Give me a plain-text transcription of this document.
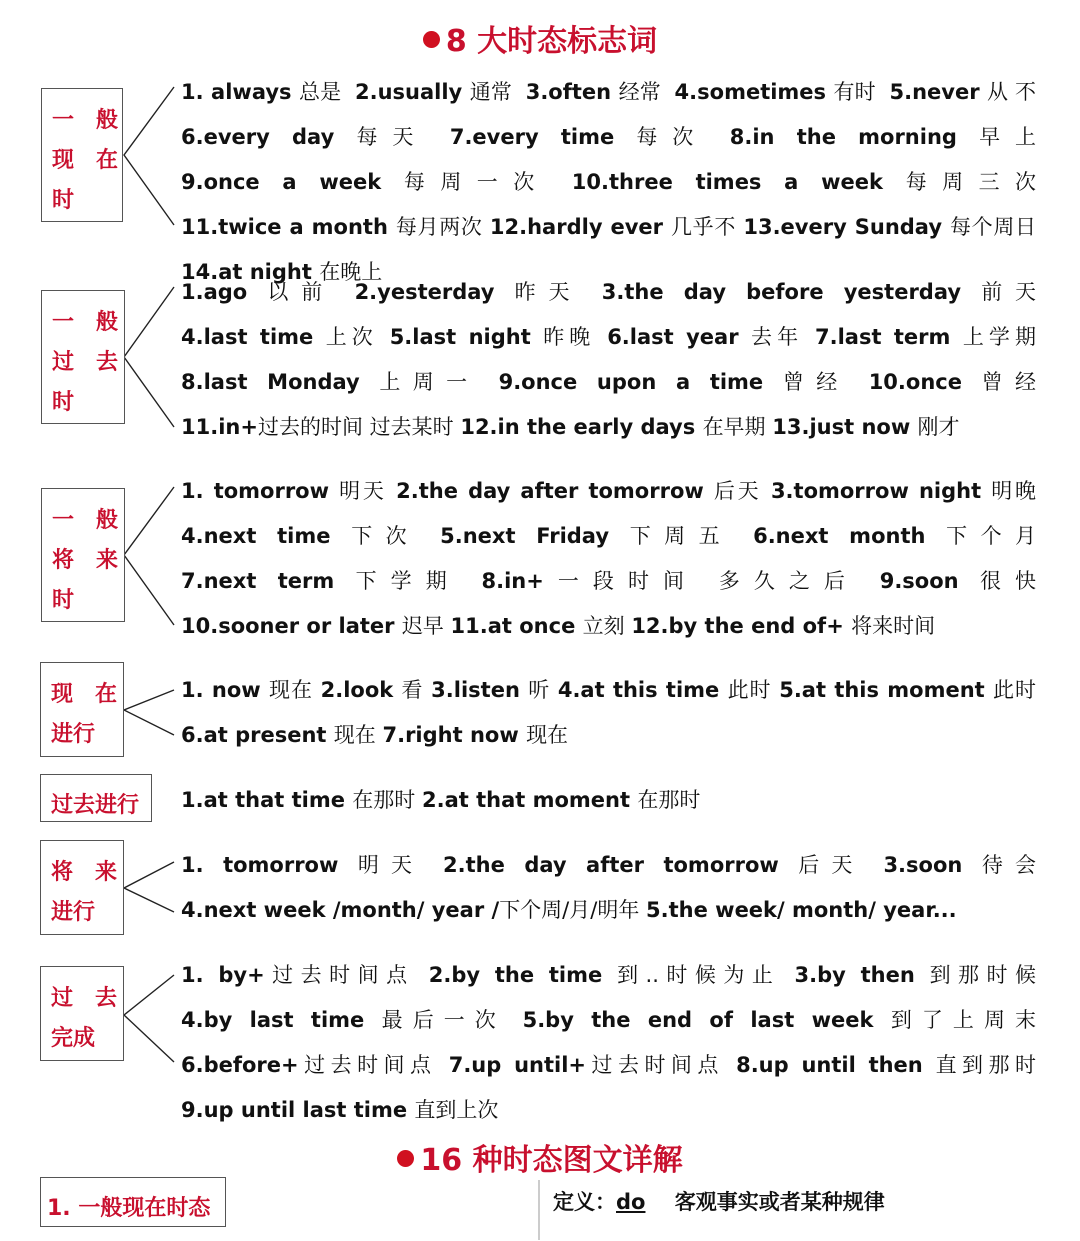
8 大时态标志词
一　般
现　在
时
1. always 总是 2.usually 通常 3.often 经常 4.sometimes 有时 5.never 从 不 6.every day 每天 7.every time 每次 8.in the morning 早上 9.once a week 每周一次 10.three times a week 每周三次 11.twice a month 每月两次 12.hardly ever 几乎不 13.every Sunday 每个周日 14.at night 在晚上
一　般
过　去
时
1.ago 以前 2.yesterday 昨天 3.the day before yesterday 前天 4.last time 上次 5.last night 昨晚 6.last year 去年 7.last term 上学期 8.last Monday 上周一 9.once upon a time 曾经 10.once 曾经 11.in+过去的时间 过去某时 12.in the early days 在早期 13.just now 刚才
一　般
将　来
时
1. tomorrow 明天 2.the day after tomorrow 后天 3.tomorrow night 明晚 4.next time 下次 5.next Friday 下周五 6.next month 下个月 7.next term 下学期 8.in+一段时间 多久之后 9.soon 很快 10.sooner or later 迟早 11.at once 立刻 12.by the end of+ 将来时间
现　在
进行
1. now 现在 2.look 看 3.listen 听 4.at this time 此时 5.at this moment 此时 6.at present 现在 7.right now 现在
过去进行 1.at that time 在那时 2.at that moment 在那时
将　来
进行
1. tomorrow 明天 2.the day after tomorrow 后天 3.soon 待会 4.next week /month/ year /下个周/月/明年 5.the week/ month/ year...
过　去
完成
1. by+过去时间点 2.by the time 到..时候为止 3.by then 到那时候 4.by last time 最后一次 5.by the end of last week 到了上周末 6.before+过去时间点 7.up until+过去时间点 8.up until then 直到那时 9.up until last time 直到上次
16 种时态图文详解
1. 一般现在时态	定义：do 客观事实或者某种规律
